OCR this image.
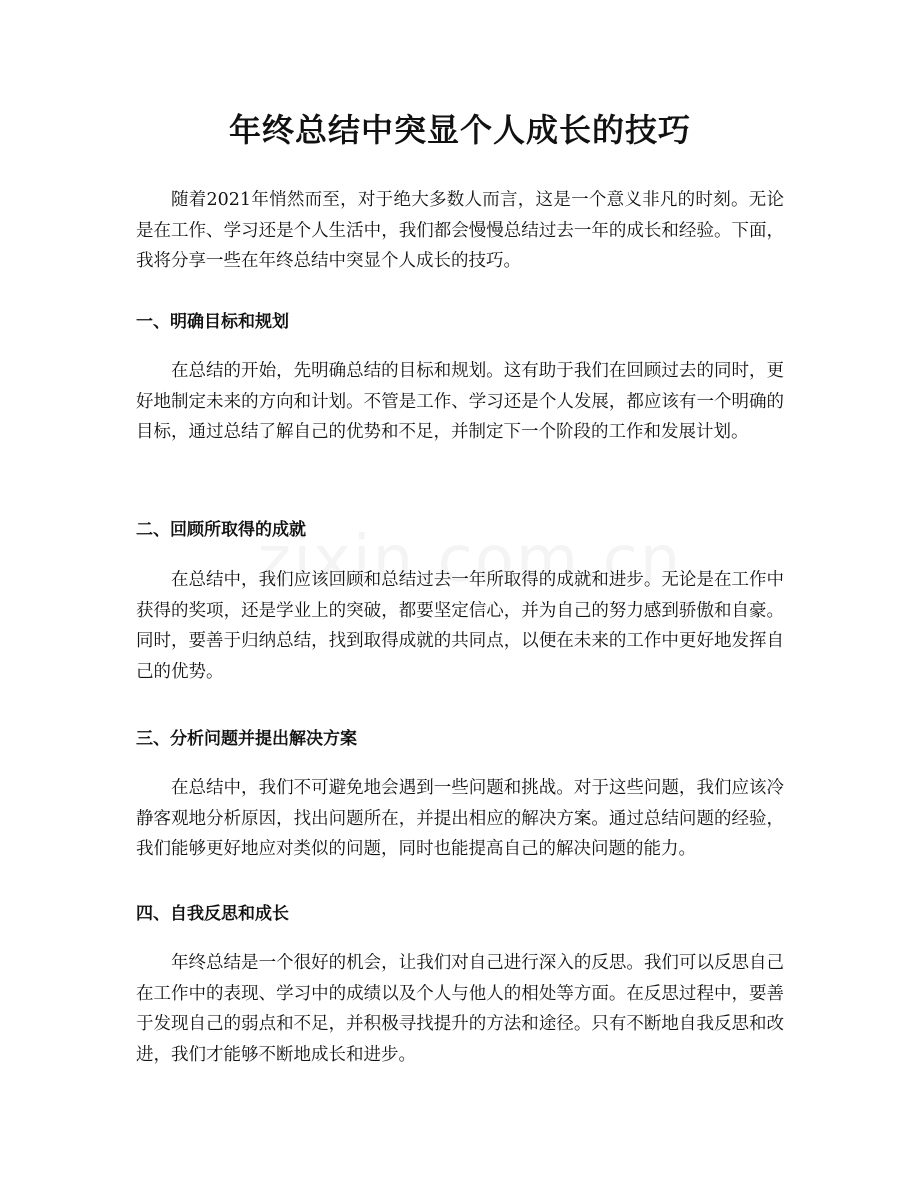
年终总结中突显个人成长的技巧

随着2021年悄然而至，对于绝大多数人而言，这是一个意义非凡的时刻。无论是在工作、学习还是个人生活中，我们都会慢慢总结过去一年的成长和经验。下面，我将分享一些在年终总结中突显个人成长的技巧。

一、明确目标和规划

在总结的开始，先明确总结的目标和规划。这有助于我们在回顾过去的同时，更好地制定未来的方向和计划。不管是工作、学习还是个人发展，都应该有一个明确的目标，通过总结了解自己的优势和不足，并制定下一个阶段的工作和发展计划。

二、回顾所取得的成就

在总结中，我们应该回顾和总结过去一年所取得的成就和进步。无论是在工作中获得的奖项，还是学业上的突破，都要坚定信心，并为自己的努力感到骄傲和自豪。同时，要善于归纳总结，找到取得成就的共同点，以便在未来的工作中更好地发挥自己的优势。

三、分析问题并提出解决方案

在总结中，我们不可避免地会遇到一些问题和挑战。对于这些问题，我们应该冷静客观地分析原因，找出问题所在，并提出相应的解决方案。通过总结问题的经验，我们能够更好地应对类似的问题，同时也能提高自己的解决问题的能力。

四、自我反思和成长

年终总结是一个很好的机会，让我们对自己进行深入的反思。我们可以反思自己在工作中的表现、学习中的成绩以及个人与他人的相处等方面。在反思过程中，要善于发现自己的弱点和不足，并积极寻找提升的方法和途径。只有不断地自我反思和改进，我们才能够不断地成长和进步。
